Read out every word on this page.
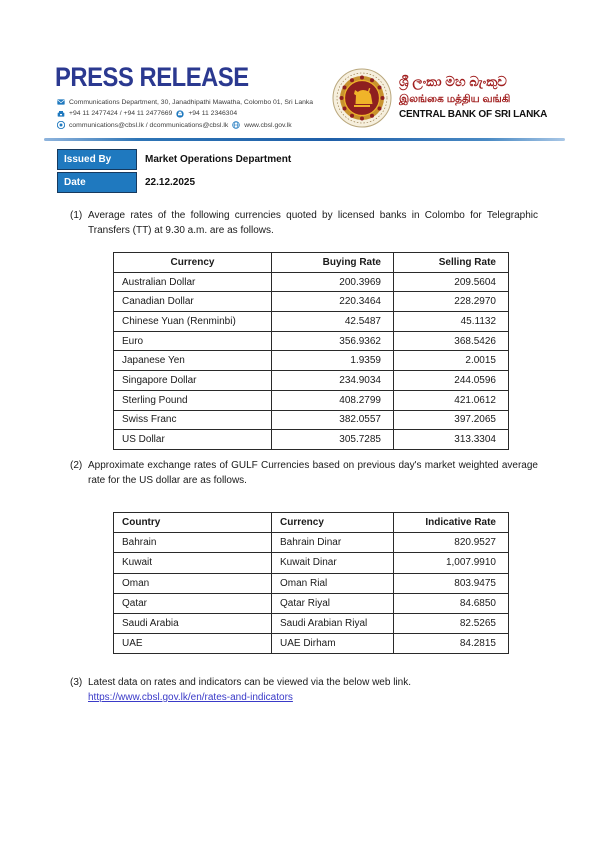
PRESS RELEASE
Communications Department, 30, Janadhipathi Mawatha, Colombo 01, Sri Lanka
+94 11 2477424 / +94 11 2477669 +94 11 2346304
communications@cbsl.lk / dcommunications@cbsl.lk www.cbsl.gov.lk
ශ්‍රී ලංකා මහ බැංකුව
இலங்கை மத்திய வங்கி
CENTRAL BANK OF SRI LANKA
Issued By	Market Operations Department
Date	22.12.2025
(1) Average rates of the following currencies quoted by licensed banks in Colombo for Telegraphic Transfers (TT) at 9.30 a.m. are as follows.
Currency	Buying Rate	Selling Rate
Australian Dollar	200.3969	209.5604
Canadian Dollar	220.3464	228.2970
Chinese Yuan (Renminbi)	42.5487	45.1132
Euro	356.9362	368.5426
Japanese Yen	1.9359	2.0015
Singapore Dollar	234.9034	244.0596
Sterling Pound	408.2799	421.0612
Swiss Franc	382.0557	397.2065
US Dollar	305.7285	313.3304
(2) Approximate exchange rates of GULF Currencies based on previous day's market weighted average rate for the US dollar are as follows.
Country	Currency	Indicative Rate
Bahrain	Bahrain Dinar	820.9527
Kuwait	Kuwait Dinar	1,007.9910
Oman	Oman Rial	803.9475
Qatar	Qatar Riyal	84.6850
Saudi Arabia	Saudi Arabian Riyal	82.5265
UAE	UAE Dirham	84.2815
(3) Latest data on rates and indicators can be viewed via the below web link.
https://www.cbsl.gov.lk/en/rates-and-indicators
